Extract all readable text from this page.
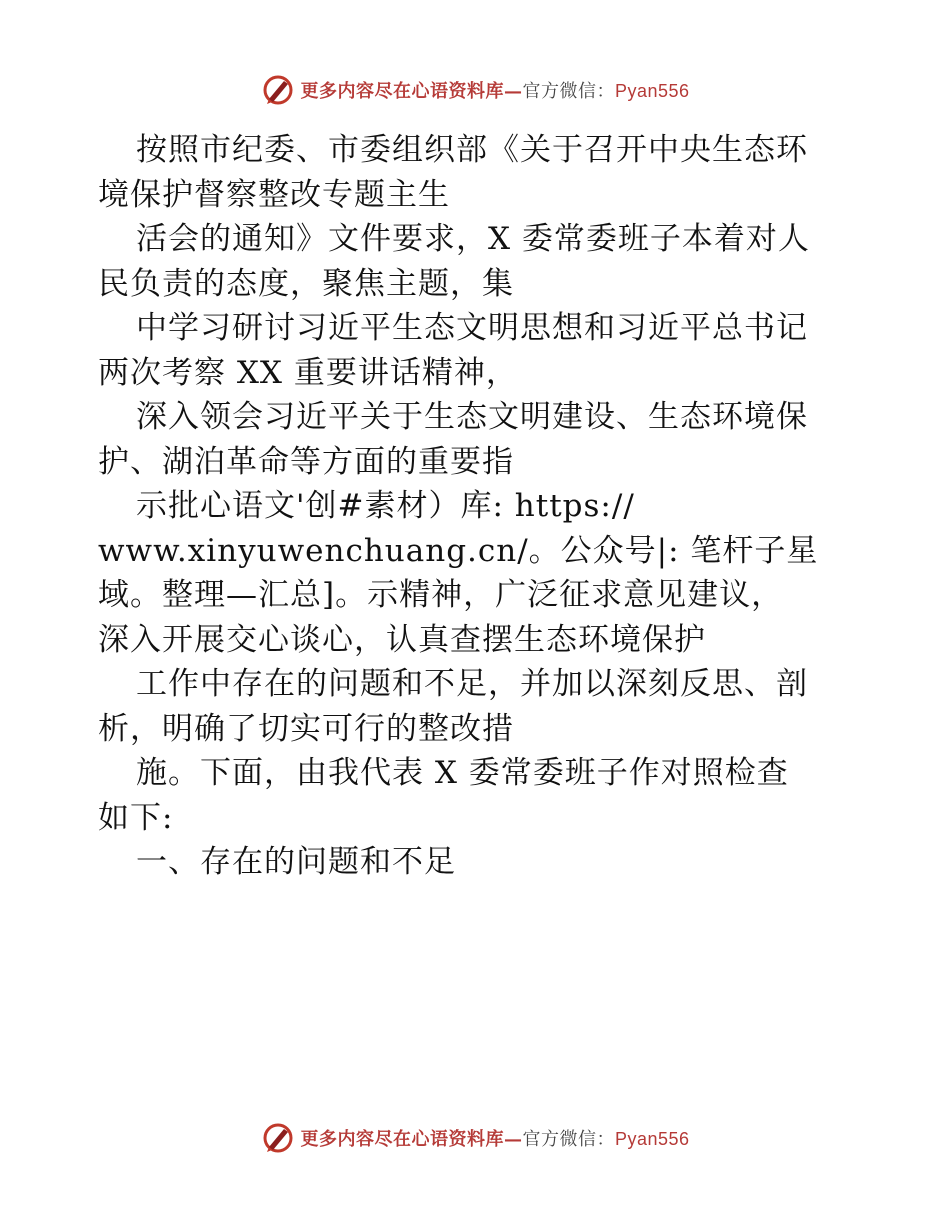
更多内容尽在心语资料库—官方微信：Pyan556
按照市纪委、市委组织部《关于召开中央生态环
境保护督察整改专题主生
活会的通知》文件要求，X 委常委班子本着对人
民负责的态度，聚焦主题，集
中学习研讨习近平生态文明思想和习近平总书记
两次考察 XX 重要讲话精神，
深入领会习近平关于生态文明建设、生态环境保
护、湖泊革命等方面的重要指
示批心语文'创#素材）库: https://
www.xinyuwenchuang.cn/。公众号|: 笔杆子星
域。整理—汇总]。示精神，广泛征求意见建议，
深入开展交心谈心，认真查摆生态环境保护
工作中存在的问题和不足，并加以深刻反思、剖
析，明确了切实可行的整改措
施。下面，由我代表 X 委常委班子作对照检查
如下:
一、存在的问题和不足
更多内容尽在心语资料库—官方微信：Pyan556
